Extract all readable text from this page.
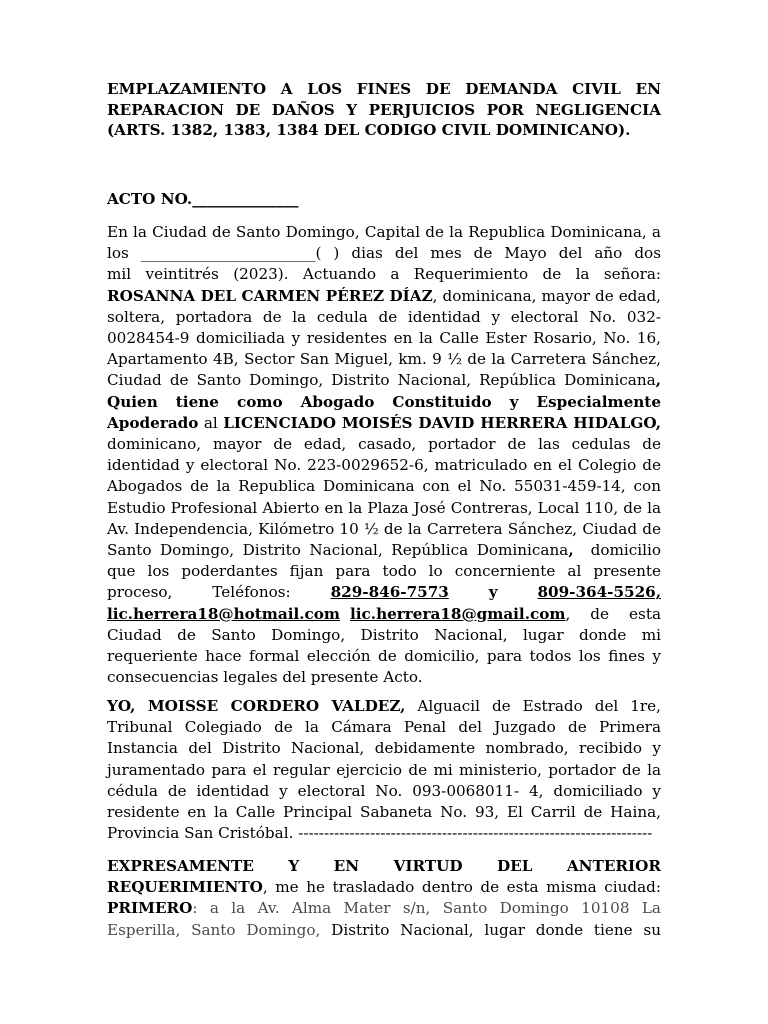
EMPLAZAMIENTO A LOS FINES DE DEMANDA CIVIL EN
REPARACION DE DAÑOS Y PERJUICIOS POR NEGLIGENCIA
(ARTS. 1382, 1383, 1384 DEL CODIGO CIVIL DOMINICANO).
ACTO NO.______________
En la Ciudad de Santo Domingo, Capital de la Republica Dominicana, a
los _______________________( ) dias del mes de Mayo del año dos
mil veintitrés (2023). Actuando a Requerimiento de la señora:
ROSANNA DEL CARMEN PÉREZ DÍAZ, dominicana, mayor de edad,
soltera, portadora de la cedula de identidad y electoral No. 032-
0028454-9 domiciliada y residentes en la Calle Ester Rosario, No. 16,
Apartamento 4B, Sector San Miguel, km. 9 ½ de la Carretera Sánchez,
Ciudad de Santo Domingo, Distrito Nacional, República Dominicana,
Quien tiene como Abogado Constituido y Especialmente
Apoderado al LICENCIADO MOISÉS DAVID HERRERA HIDALGO,
dominicano, mayor de edad, casado, portador de las cedulas de
identidad y electoral No. 223-0029652-6, matriculado en el Colegio de
Abogados de la Republica Dominicana con el No. 55031-459-14, con
Estudio Profesional Abierto en la Plaza José Contreras, Local 110, de la
Av. Independencia, Kilómetro 10 ½ de la Carretera Sánchez, Ciudad de
Santo Domingo, Distrito Nacional, República Dominicana,  domicilio
que los poderdantes fijan para todo lo concerniente al presente
proceso,	Teléfonos:	829-846-7573	y	809-364-5526,
lic.herrera18@hotmail.com lic.herrera18@gmail.com,  de  esta
Ciudad de Santo Domingo, Distrito Nacional, lugar donde mi
requeriente hace formal elección de domicilio, para todos los fines y
consecuencias legales del presente Acto.
YO, MOISSE CORDERO VALDEZ, Alguacil de Estrado del 1re,
Tribunal Colegiado de la Cámara Penal del Juzgado de Primera
Instancia del Distrito Nacional, debidamente nombrado, recibido y
juramentado para el regular ejercicio de mi ministerio, portador de la
cédula de identidad y electoral No. 093-0068011- 4, domiciliado y
residente en la Calle Principal Sabaneta No. 93, El Carril de Haina,
Provincia San Cristóbal. ---------------------------------------------------------------------
EXPRESAMENTE Y EN VIRTUD DEL ANTERIOR
REQUERIMIENTO, me he trasladado dentro de esta misma ciudad:
PRIMERO: a la Av. Alma Mater s/n, Santo Domingo 10108 La
Esperilla, Santo Domingo, Distrito Nacional, lugar donde tiene su
